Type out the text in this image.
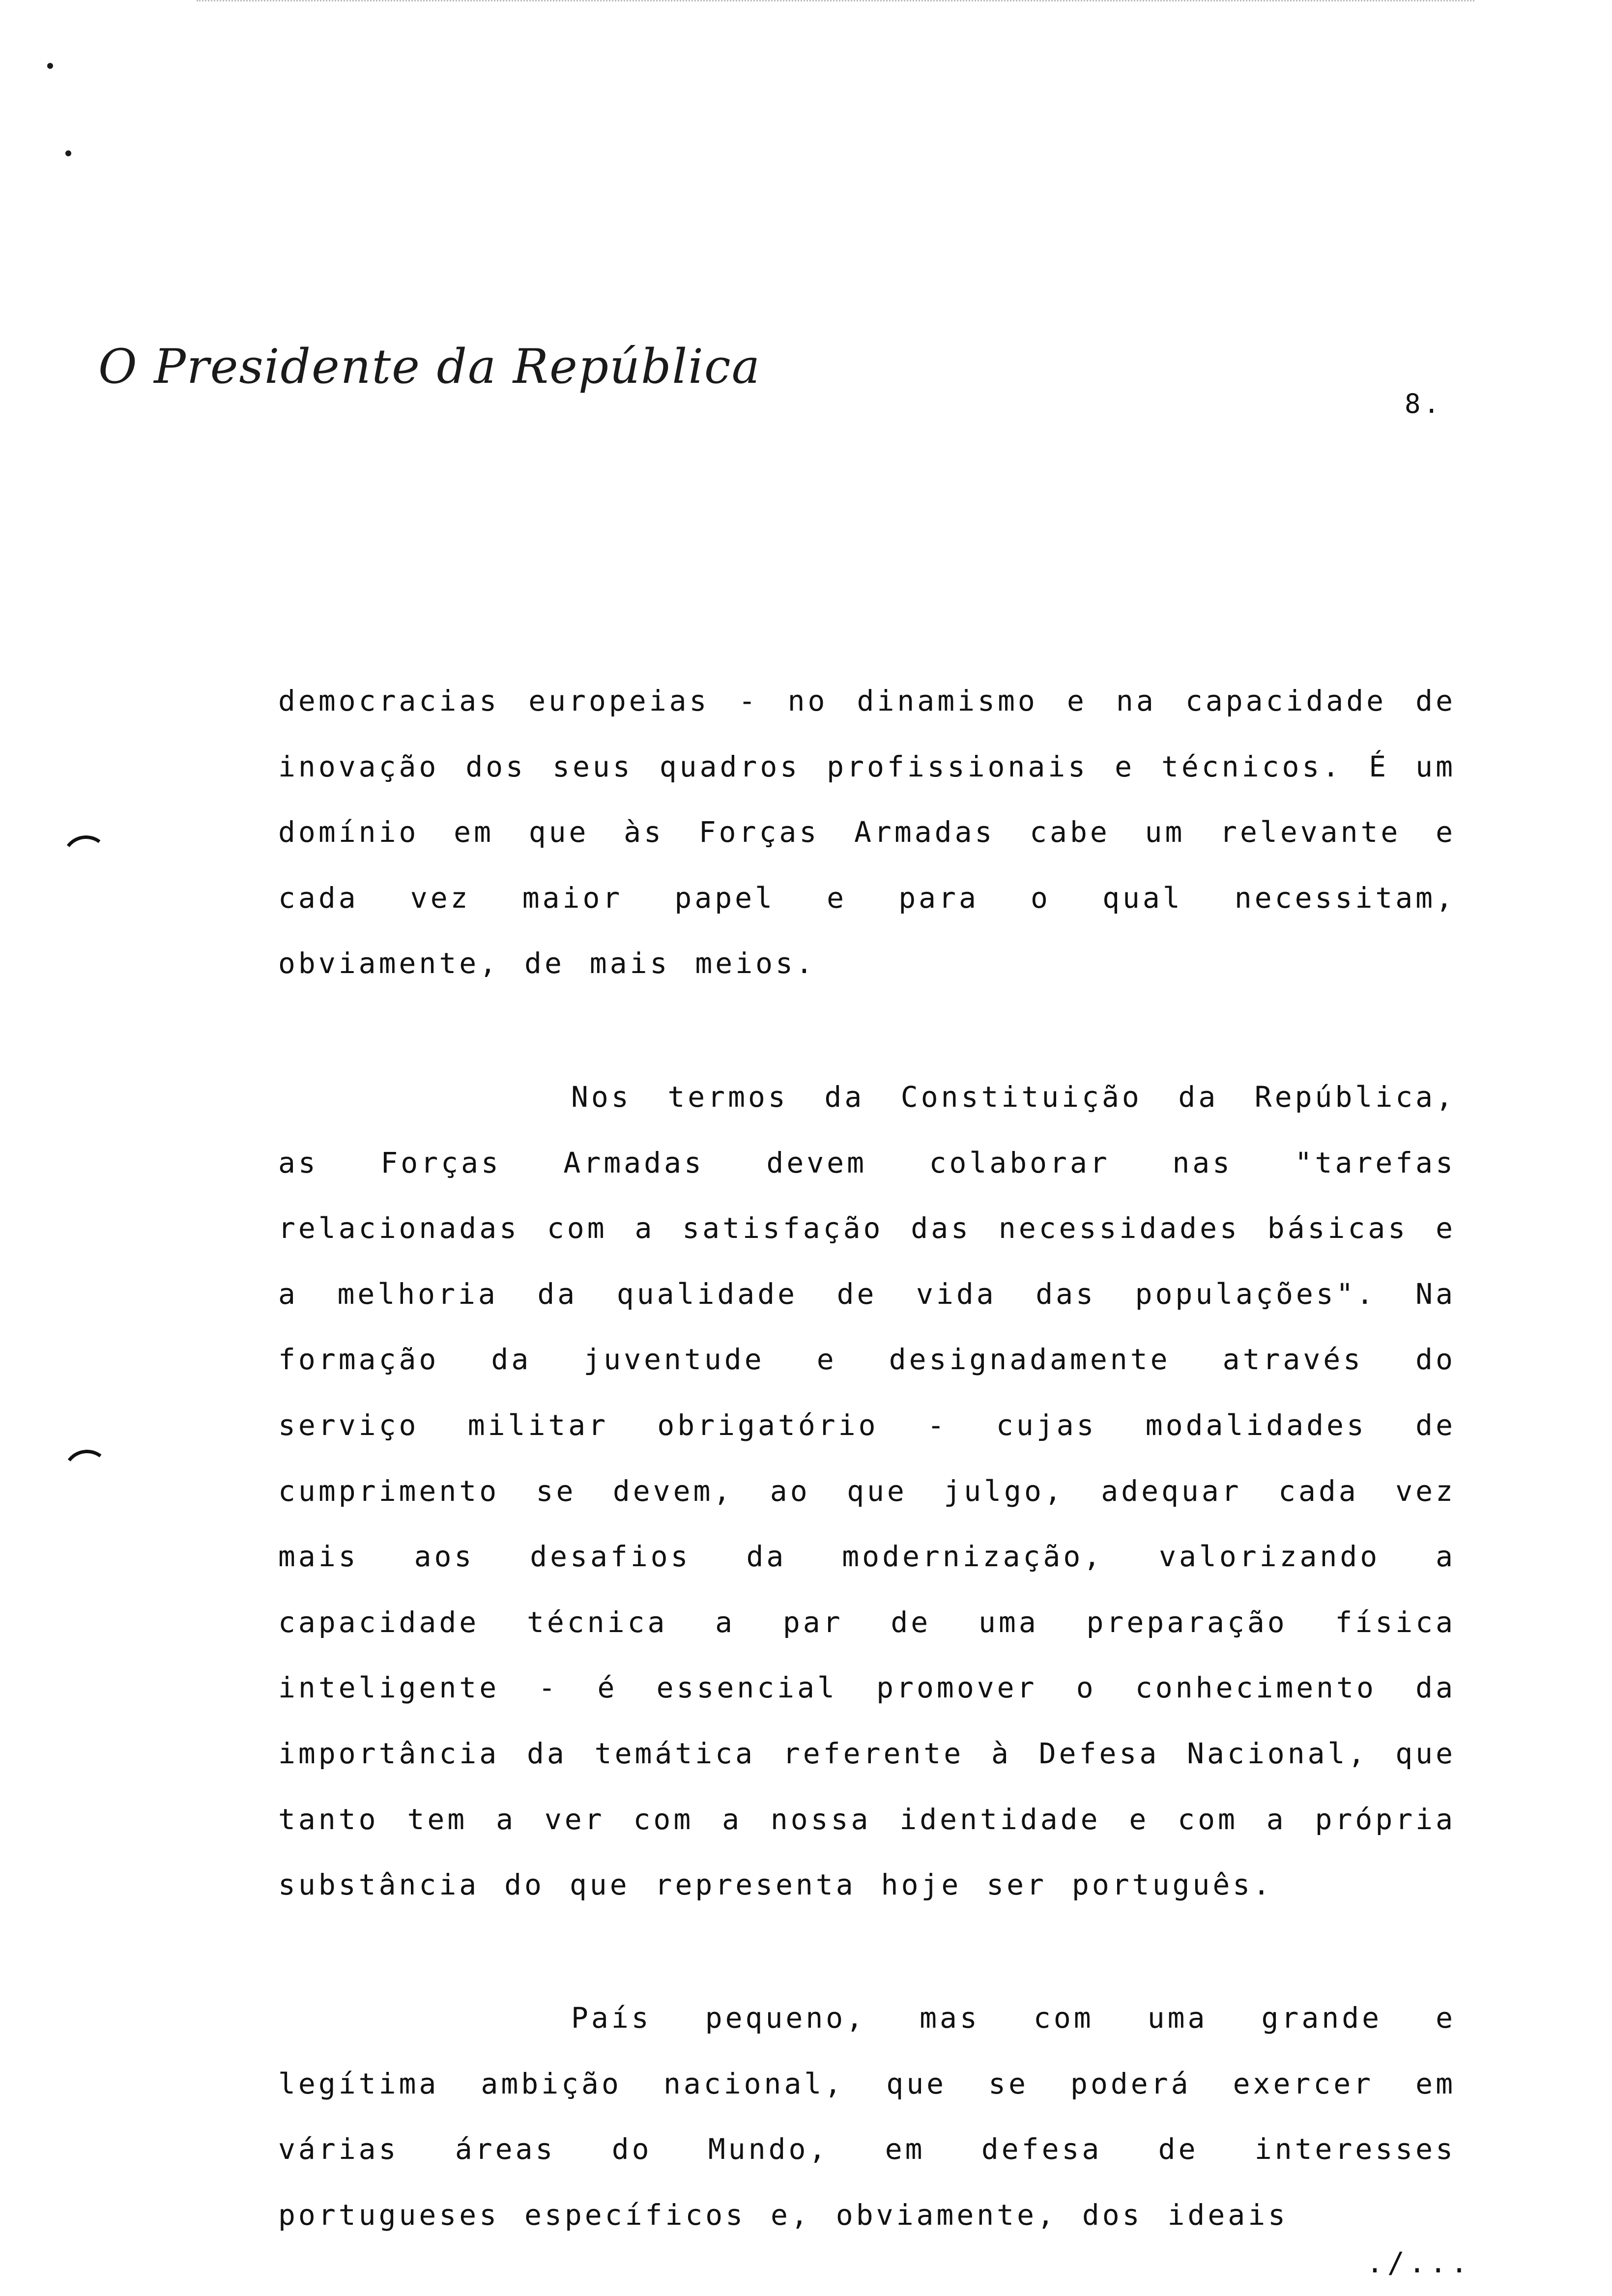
O Presidente da República
8.

democracias europeias - no dinamismo e na capacidade de inovação dos seus quadros profissionais e técnicos. É um domínio em que às Forças Armadas cabe um relevante e cada vez maior papel e para o qual necessitam, obviamente, de mais meios.

Nos termos da Constituição da República, as Forças Armadas devem colaborar nas "tarefas relacionadas com a satisfação das necessidades básicas e a melhoria da qualidade de vida das populações". Na formação da juventude e designadamente através do serviço militar obrigatório - cujas modalidades de cumprimento se devem, ao que julgo, adequar cada vez mais aos desafios da modernização, valorizando a capacidade técnica a par de uma preparação física inteligente - é essencial promover o conhecimento da importância da temática referente à Defesa Nacional, que tanto tem a ver com a nossa identidade e com a própria substância do que representa hoje ser português.

País pequeno, mas com uma grande e legítima ambição nacional, que se poderá exercer em várias áreas do Mundo, em defesa de interesses portugueses específicos e, obviamente, dos ideais

./...
